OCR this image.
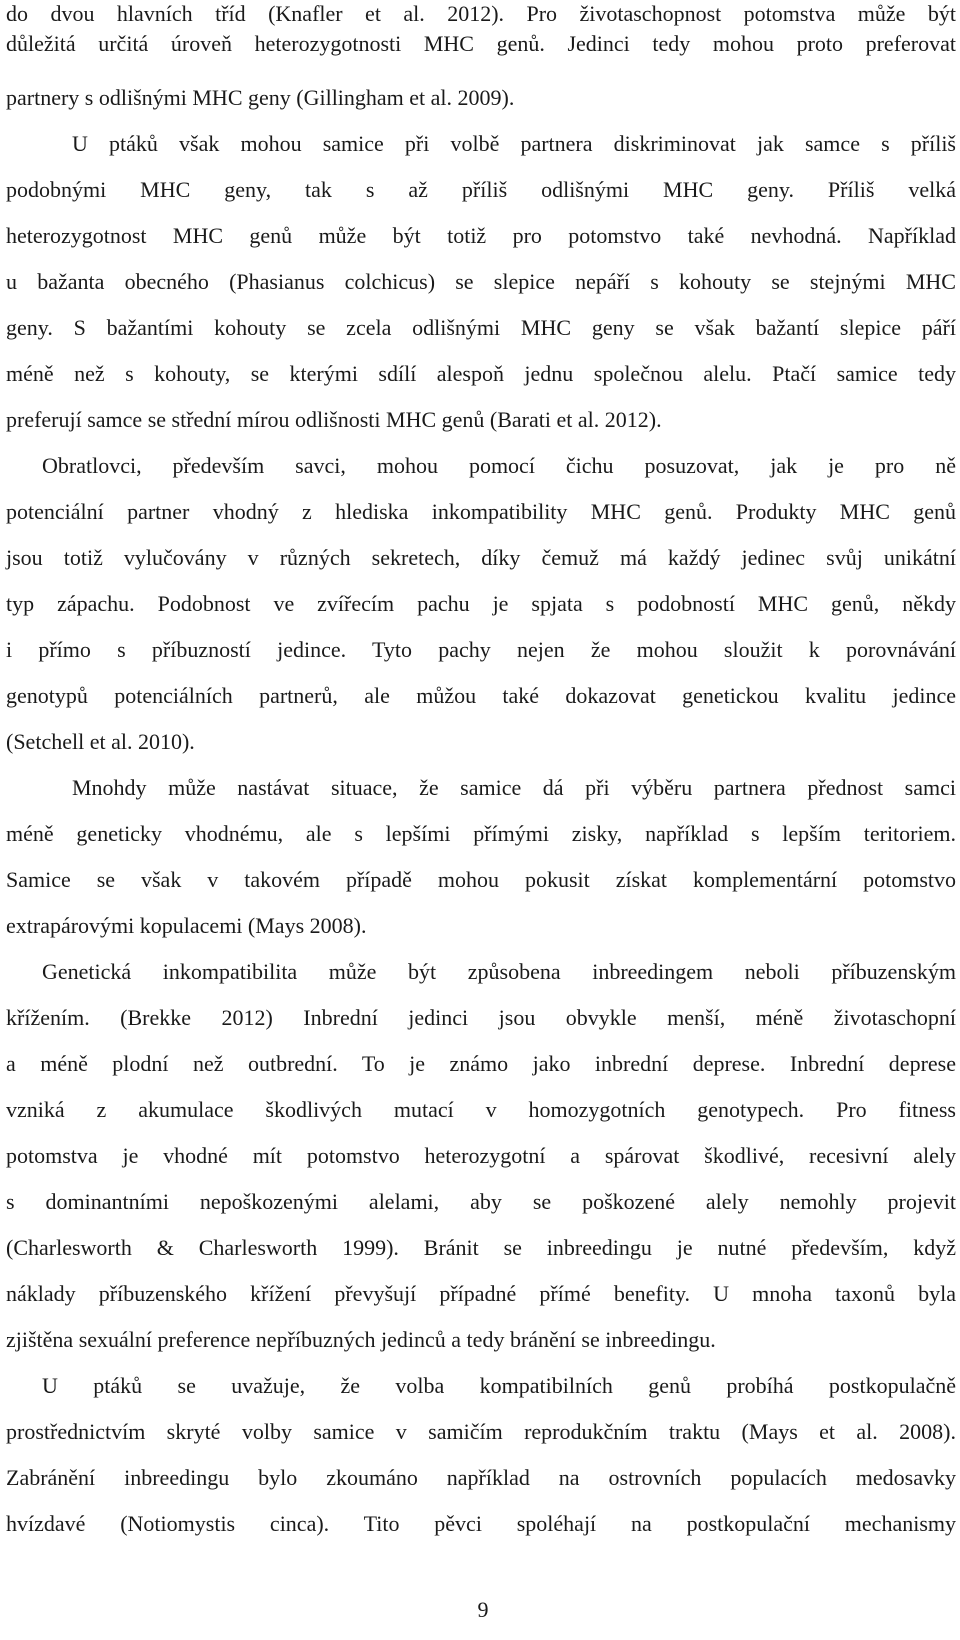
do dvou hlavních tříd (Knafler et al. 2012). Pro životaschopnost potomstva může být
důležitá určitá úroveň heterozygotnosti MHC genů. Jedinci tedy mohou proto preferovat
partnery s odlišnými MHC geny (Gillingham et al. 2009).
U ptáků však mohou samice při volbě partnera diskriminovat jak samce s příliš
podobnými MHC geny, tak s až příliš odlišnými MHC geny. Příliš velká
heterozygotnost MHC genů může být totiž pro potomstvo také nevhodná. Například
u bažanta obecného (Phasianus colchicus) se slepice nepáří s kohouty se stejnými MHC
geny. S bažantími kohouty se zcela odlišnými MHC geny se však bažantí slepice páří
méně než s kohouty, se kterými sdílí alespoň jednu společnou alelu. Ptačí samice tedy
preferují samce se střední mírou odlišnosti MHC genů (Barati et al. 2012).
Obratlovci, především savci, mohou pomocí čichu posuzovat, jak je pro ně
potenciální partner vhodný z hlediska inkompatibility MHC genů. Produkty MHC genů
jsou totiž vylučovány v různých sekretech, díky čemuž má každý jedinec svůj unikátní
typ zápachu. Podobnost ve zvířecím pachu je spjata s podobností MHC genů, někdy
i přímo s příbuzností jedince. Tyto pachy nejen že mohou sloužit k porovnávání
genotypů potenciálních partnerů, ale můžou také dokazovat genetickou kvalitu jedince
(Setchell et al. 2010).
Mnohdy může nastávat situace, že samice dá při výběru partnera přednost samci
méně geneticky vhodnému, ale s lepšími přímými zisky, například s lepším teritoriem.
Samice se však v takovém případě mohou pokusit získat komplementární potomstvo
extrapárovými kopulacemi (Mays 2008).
Genetická inkompatibilita může být způsobena inbreedingem neboli příbuzenským
křížením. (Brekke 2012) Inbrední jedinci jsou obvykle menší, méně životaschopní
a méně plodní než outbrední. To je známo jako inbrední deprese. Inbrední deprese
vzniká z akumulace škodlivých mutací v homozygotních genotypech. Pro fitness
potomstva je vhodné mít potomstvo heterozygotní a spárovat škodlivé, recesivní alely
s dominantními nepoškozenými alelami, aby se poškozené alely nemohly projevit
(Charlesworth & Charlesworth 1999). Bránit se inbreedingu je nutné především, když
náklady příbuzenského křížení převyšují případné přímé benefity. U mnoha taxonů byla
zjištěna sexuální preference nepříbuzných jedinců a tedy bránění se inbreedingu.
U ptáků se uvažuje, že volba kompatibilních genů probíhá postkopulačně
prostřednictvím skryté volby samice v samičím reprodukčním traktu (Mays et al. 2008).
Zabránění inbreedingu bylo zkoumáno například na ostrovních populacích medosavky
hvízdavé (Notiomystis cinca). Tito pěvci spoléhají na postkopulační mechanismy
9
